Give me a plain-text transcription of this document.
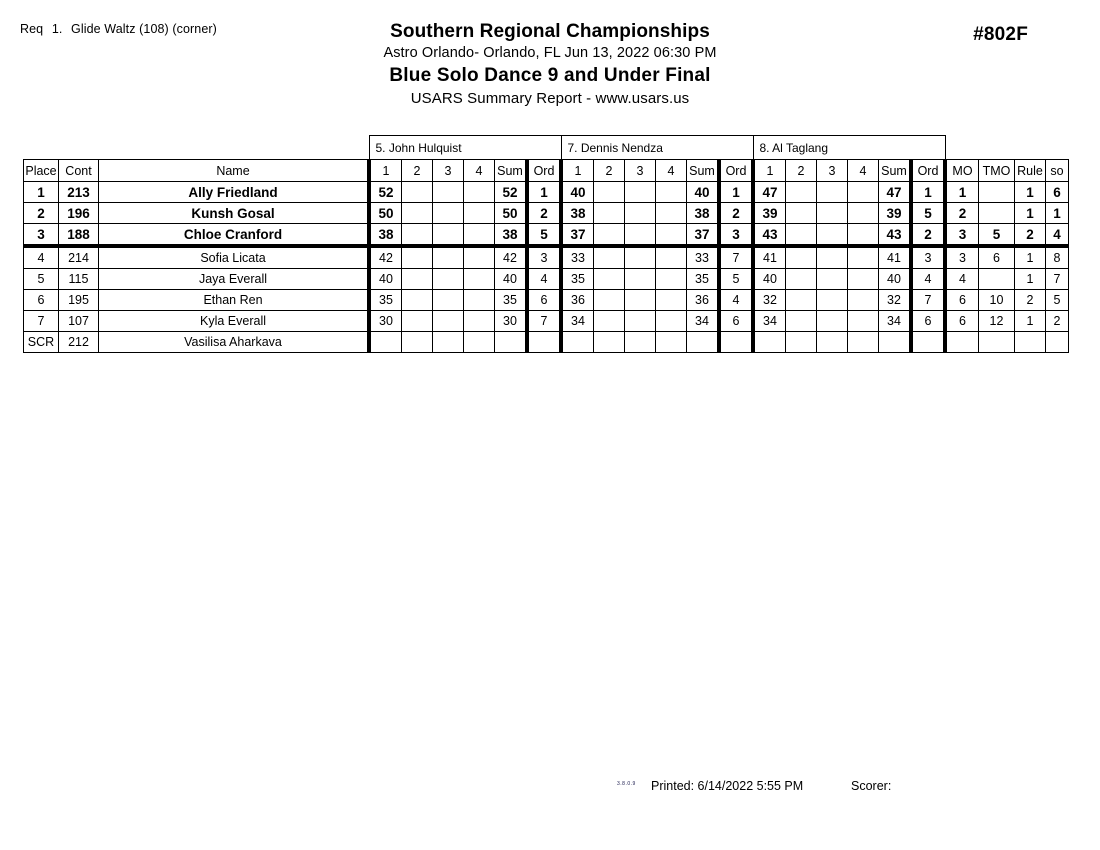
Req 1. Glide Waltz (108) (corner)	#802F
Southern Regional Championships
Astro Orlando- Orlando, FL Jun 13, 2022 06:30 PM
Blue Solo Dance 9 and Under Final
USARS Summary Report - www.usars.us
			5. John Hulquist						7. Dennis Nendza						8. Al Taglang									
Place	Cont	Name	1	2	3	4	Sum	Ord	1	2	3	4	Sum	Ord	1	2	3	4	Sum	Ord	MO	TMO	Rule	so
1	213	Ally Friedland	52				52	1	40				40	1	47				47	1	1		1	6
2	196	Kunsh Gosal	50				50	2	38				38	2	39				39	5	2		1	1
3	188	Chloe Cranford	38				38	5	37				37	3	43				43	2	3	5	2	4
4	214	Sofia Licata	42				42	3	33				33	7	41				41	3	3	6	1	8
5	115	Jaya Everall	40				40	4	35				35	5	40				40	4	4		1	7
6	195	Ethan Ren	35				35	6	36				36	4	32				32	7	6	10	2	5
7	107	Kyla Everall	30				30	7	34				34	6	34				34	6	6	12	1	2
SCR	212	Vasilisa Aharkava																						
3.8.0.9 Printed: 6/14/2022 5:55 PM	Scorer:
